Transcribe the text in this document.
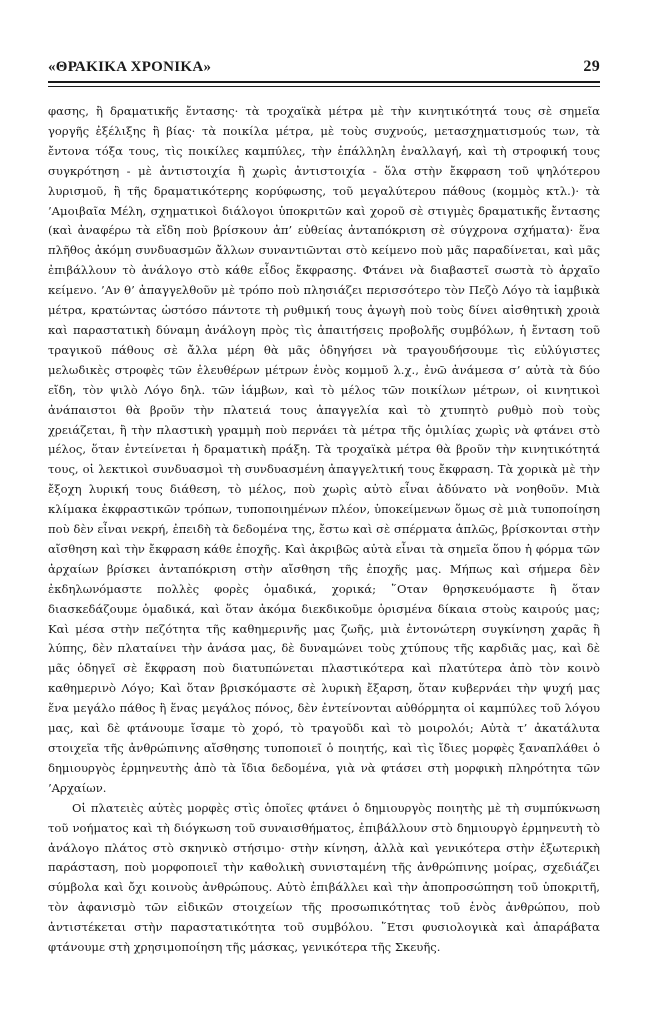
«ΘΡΑΚΙΚΑ ΧΡΟΝΙΚΑ»	29

φασης, ἢ δραματικῆς ἔντασης· τὰ τροχαϊκὰ μέτρα μὲ τὴν κινητικότητά τους σὲ σημεῖα γοργῆς ἐξέλιξης ἢ βίας· τὰ ποικίλα μέτρα, μὲ τοὺς συχνούς, μετασχηματισμούς των, τὰ ἔντονα τόξα τους, τὶς ποικίλες καμπύλες, τὴν ἐπάλληλη ἐναλλαγή, καὶ τὴ στροφική τους συγκρότηση - μὲ ἀντιστοιχία ἢ χωρὶς ἀντιστοιχία - ὅλα στὴν ἔκφραση τοῦ ψηλότερου λυρισμοῦ, ἢ τῆς δραματικότερης κορύφωσης, τοῦ μεγαλύτερου πάθους (κομμὸς κτλ.)· τὰ ’Αμοιβαῖα Μέλη, σχηματικοὶ διάλογοι ὑποκριτῶν καὶ χοροῦ σὲ στιγμὲς δραματικῆς ἔντασης (καὶ ἀναφέρω τὰ εἴδη ποὺ βρίσκουν ἀπ’ εὐθείας ἀνταπόκριση σὲ σύγχρονα σχήματα)· ἕνα πλῆθος ἀκόμη συνδυασμῶν ἄλλων συναντιῶνται στὸ κείμενο ποὺ μᾶς παραδίνεται, καὶ μᾶς ἐπιβάλλουν τὸ ἀνάλογο στὸ κάθε εἶδος ἔκφρασης. Φτάνει νὰ διαβαστεῖ σωστὰ τὸ ἀρχαῖο κείμενο. ’Αν θ’ ἀπαγγελθοῦν μὲ τρόπο ποὺ πλησιάζει περισσότερο τὸν Πεζὸ Λόγο τὰ ἰαμβικὰ μέτρα, κρατώντας ὡστόσο πάντοτε τὴ ρυθμική τους ἀγωγὴ ποὺ τοὺς δίνει αἰσθητικὴ χροιὰ καὶ παραστατικὴ δύναμη ἀνάλογη πρὸς τὶς ἀπαιτήσεις προβολῆς συμβόλων, ἡ ἔνταση τοῦ τραγικοῦ πάθους σὲ ἄλλα μέρη θὰ μᾶς ὁδηγήσει νὰ τραγουδήσουμε τὶς εὐλύγιστες μελωδικὲς στροφὲς τῶν ἐλευθέρων μέτρων ἑνὸς κομμοῦ λ.χ., ἐνῶ ἀνάμεσα σ’ αὐτὰ τὰ δύο εἴδη, τὸν ψιλὸ Λόγο δηλ. τῶν ἰάμβων, καὶ τὸ μέλος τῶν ποικίλων μέτρων, οἱ κινητικοὶ ἀνάπαιστοι θὰ βροῦν τὴν πλατειά τους ἀπαγγελία καὶ τὸ χτυπητὸ ρυθμὸ ποὺ τοὺς χρειάζεται, ἢ τὴν πλαστικὴ γραμμὴ ποὺ περνάει τὰ μέτρα τῆς ὁμιλίας χωρὶς νὰ φτάνει στὸ μέλος, ὅταν ἐντείνεται ἡ δραματικὴ πράξη. Τὰ τροχαϊκὰ μέτρα θὰ βροῦν τὴν κινητικότητά τους, οἱ λεκτικοὶ συνδυασμοὶ τὴ συνδυασμένη ἀπαγγελτική τους ἔκφραση. Τὰ χορικὰ μὲ τὴν ἔξοχη λυρική τους διάθεση, τὸ μέλος, ποὺ χωρὶς αὐτὸ εἶναι ἀδύνατο νὰ νοηθοῦν. Μιὰ κλίμακα ἐκφραστικῶν τρόπων, τυποποιημένων πλέον, ὑποκείμενων ὅμως σὲ μιὰ τυποποίηση ποὺ δὲν εἶναι νεκρή, ἐπειδὴ τὰ δεδομένα της, ἔστω καὶ σὲ σπέρματα ἁπλῶς, βρίσκονται στὴν αἴσθηση καὶ τὴν ἔκφραση κάθε ἐποχῆς. Καὶ ἀκριβῶς αὐτὰ εἶναι τὰ σημεῖα ὅπου ἡ φόρμα τῶν ἀρχαίων βρίσκει ἀνταπόκριση στὴν αἴσθηση τῆς ἐποχῆς μας. Μήπως καὶ σήμερα δὲν ἐκδηλωνόμαστε πολλὲς φορὲς ὁμαδικά, χορικά; ῞Οταν θρησκευόμαστε ἢ ὅταν διασκεδάζουμε ὁμαδικά, καὶ ὅταν ἀκόμα διεκδικοῦμε ὁρισμένα δίκαια στοὺς καιρούς μας; Καὶ μέσα στὴν πεζότητα τῆς καθημερινῆς μας ζωῆς, μιὰ ἐντονώτερη συγκίνηση χαρᾶς ἢ λύπης, δὲν πλαταίνει τὴν ἀνάσα μας, δὲ δυναμώνει τοὺς χτύπους τῆς καρδιᾶς μας, καὶ δὲ μᾶς ὁδηγεῖ σὲ ἔκφραση ποὺ διατυπώνεται πλαστικότερα καὶ πλατύτερα ἀπὸ τὸν κοινὸ καθημερινὸ Λόγο; Καὶ ὅταν βρισκόμαστε σὲ λυρικὴ ἔξαρση, ὅταν κυβερνάει τὴν ψυχή μας ἕνα μεγάλο πάθος ἢ ἕνας μεγάλος πόνος, δὲν ἐντείνονται αὐθόρμητα οἱ καμπύλες τοῦ λόγου μας, καὶ δὲ φτάνουμε ἴσαμε τὸ χορό, τὸ τραγοῦδι καὶ τὸ μοιρολόι; Αὐτὰ τ’ ἀκατάλυτα στοιχεῖα τῆς ἀνθρώπινης αἴσθησης τυποποιεῖ ὁ ποιητής, καὶ τὶς ἴδιες μορφὲς ξαναπλάθει ὁ δημιουργὸς ἑρμηνευτὴς ἀπὸ τὰ ἴδια δεδομένα, γιὰ νὰ φτάσει στὴ μορφικὴ πληρότητα τῶν ’Αρχαίων.

Οἱ πλατειὲς αὐτὲς μορφὲς στὶς ὁποῖες φτάνει ὁ δημιουργὸς ποιητὴς μὲ τὴ συμπύκνωση τοῦ νοήματος καὶ τὴ διόγκωση τοῦ συναισθήματος, ἐπιβάλλουν στὸ δημιουργὸ ἑρμηνευτὴ τὸ ἀνάλογο πλάτος στὸ σκηνικὸ στήσιμο· στὴν κίνηση, ἀλλὰ καὶ γενικότερα στὴν ἐξωτερικὴ παράσταση, ποὺ μορφοποιεῖ τὴν καθολικὴ συνισταμένη τῆς ἀνθρώπινης μοίρας, σχεδιάζει σύμβολα καὶ ὄχι κοινοὺς ἀνθρώπους. Αὐτὸ ἐπιβάλλει καὶ τὴν ἀποπροσώπηση τοῦ ὑποκριτῆ, τὸν ἀφανισμὸ τῶν εἰδικῶν στοιχείων τῆς προσωπικότητας τοῦ ἑνὸς ἀνθρώπου, ποὺ ἀντιστέκεται στὴν παραστατικότητα τοῦ συμβόλου. ῞Ετσι φυσιολογικὰ καὶ ἀπαράβατα φτάνουμε στὴ χρησιμοποίηση τῆς μάσκας, γενικότερα τῆς Σκευῆς.
